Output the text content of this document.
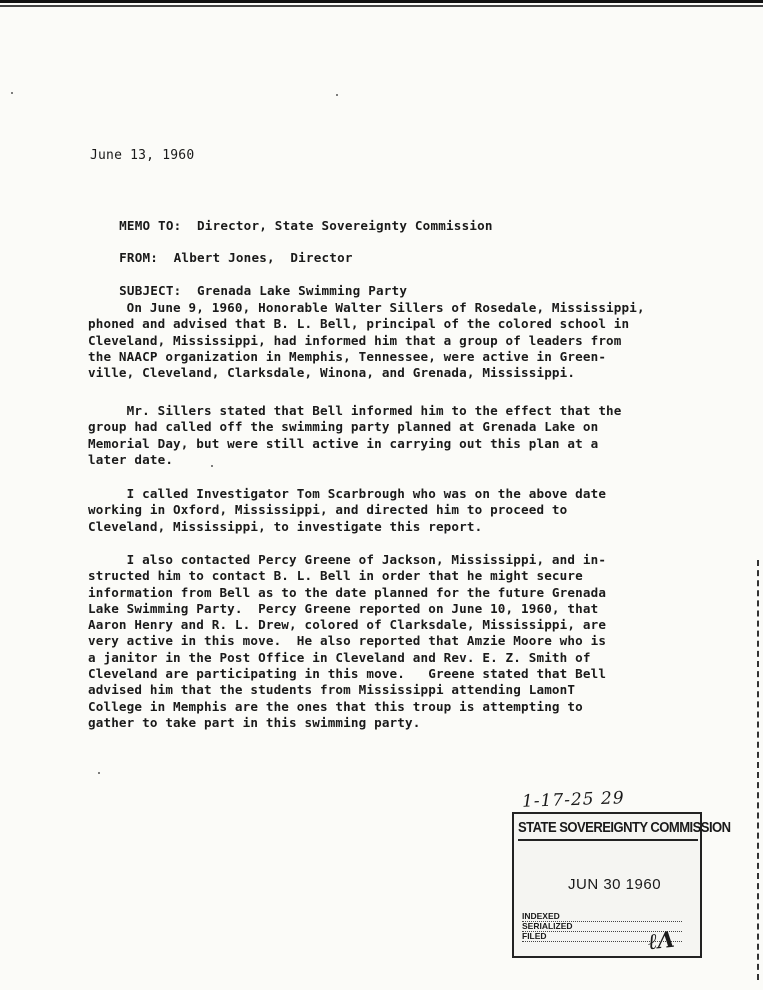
June 13, 1960

MEMO TO: Director, State Sovereignty Commission

FROM: Albert Jones,  Director

SUBJECT: Grenada Lake Swimming Party

On June 9, 1960, Honorable Walter Sillers of Rosedale, Mississippi,
phoned and advised that B. L. Bell, principal of the colored school in
Cleveland, Mississippi, had informed him that a group of leaders from
the NAACP organization in Memphis, Tennessee, were active in Green-
ville, Cleveland, Clarksdale, Winona, and Grenada, Mississippi.
Mr. Sillers stated that Bell informed him to the effect that the
group had called off the swimming party planned at Grenada Lake on
Memorial Day, but were still active in carrying out this plan at a
later date.
I called Investigator Tom Scarbrough who was on the above date
working in Oxford, Mississippi, and directed him to proceed to
Cleveland, Mississippi, to investigate this report.
I also contacted Percy Greene of Jackson, Mississippi, and in-
structed him to contact B. L. Bell in order that he might secure
information from Bell as to the date planned for the future Grenada
Lake Swimming Party.  Percy Greene reported on June 10, 1960, that
Aaron Henry and R. L. Drew, colored of Clarksdale, Mississippi, are
very active in this move.  He also reported that Amzie Moore who is
a janitor in the Post Office in Cleveland and Rev. E. Z. Smith of
Cleveland are participating in this move.   Greene stated that Bell
advised him that the students from Mississippi attending LamonT
College in Memphis are the ones that this troup is attempting to
gather to take part in this swimming party.
1-17-25 29
STATE SOVEREIGNTY COMMISSION
JUN 30 1960
INDEXED
SERIALIZED
FILED	ℓΛ
